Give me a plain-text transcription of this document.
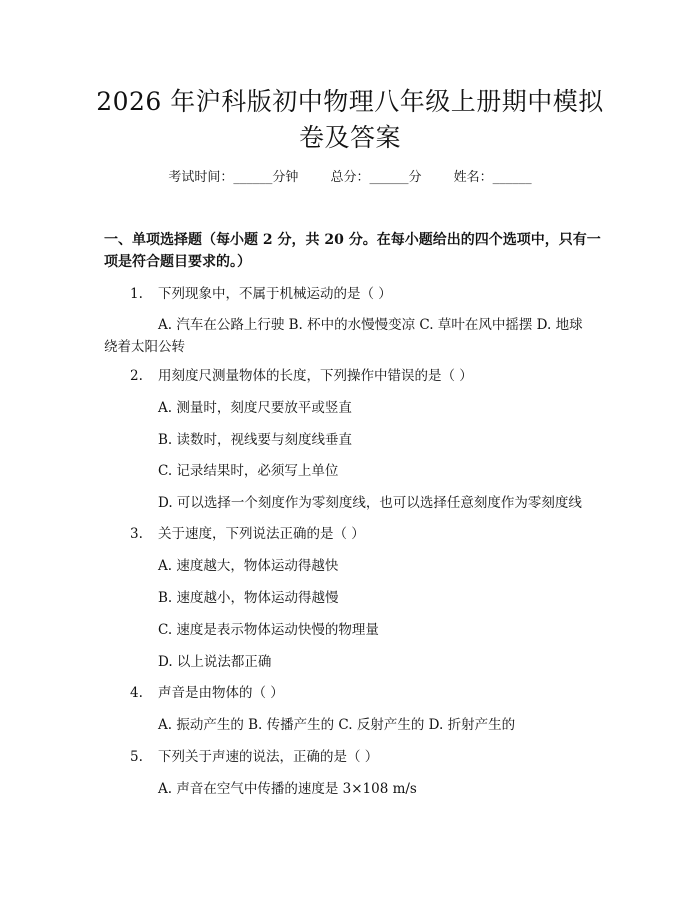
2026 年沪科版初中物理八年级上册期中模拟
卷及答案
考试时间：______分钟 总分：______分 姓名：______
一、单项选择题（每小题 2 分，共 20 分。在每小题给出的四个选项中，只有一项是符合题目要求的。）
1. 下列现象中，不属于机械运动的是（ ）
A. 汽车在公路上行驶 B. 杯中的水慢慢变凉 C. 草叶在风中摇摆 D. 地球绕着太阳公转
2. 用刻度尺测量物体的长度，下列操作中错误的是（ ）
A. 测量时，刻度尺要放平或竖直
B. 读数时，视线要与刻度线垂直
C. 记录结果时，必须写上单位
D. 可以选择一个刻度作为零刻度线，也可以选择任意刻度作为零刻度线
3. 关于速度，下列说法正确的是（ ）
A. 速度越大，物体运动得越快
B. 速度越小，物体运动得越慢
C. 速度是表示物体运动快慢的物理量
D. 以上说法都正确
4. 声音是由物体的（ ）
A. 振动产生的 B. 传播产生的 C. 反射产生的 D. 折射产生的
5. 下列关于声速的说法，正确的是（ ）
A. 声音在空气中传播的速度是 3×108 m/s
